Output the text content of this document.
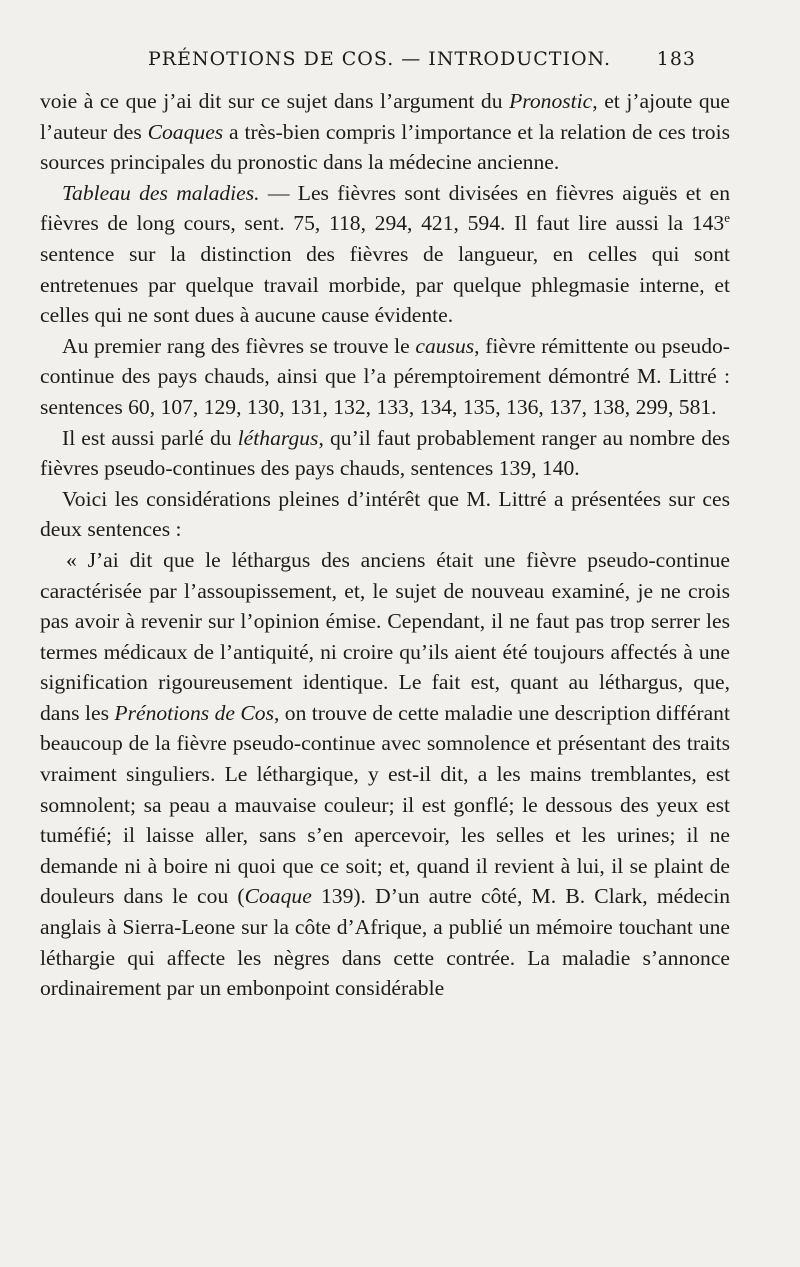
PRÉNOTIONS DE COS. — INTRODUCTION. 183

voie à ce que j’ai dit sur ce sujet dans l’argument du Pronostic, et j’ajoute que l’auteur des Coaques a très-bien compris l’importance et la relation de ces trois sources principales du pronostic dans la médecine ancienne.

Tableau des maladies. — Les fièvres sont divisées en fièvres aiguës et en fièvres de long cours, sent. 75, 118, 294, 421, 594. Il faut lire aussi la 143e sentence sur la distinction des fièvres de langueur, en celles qui sont entretenues par quelque travail morbide, par quelque phlegmasie interne, et celles qui ne sont dues à aucune cause évidente.

Au premier rang des fièvres se trouve le causus, fièvre rémittente ou pseudo-continue des pays chauds, ainsi que l’a péremptoirement démontré M. Littré : sentences 60, 107, 129, 130, 131, 132, 133, 134, 135, 136, 137, 138, 299, 581.

Il est aussi parlé du léthargus, qu’il faut probablement ranger au nombre des fièvres pseudo-continues des pays chauds, sentences 139, 140.

Voici les considérations pleines d’intérêt que M. Littré a présentées sur ces deux sentences :

« J’ai dit que le léthargus des anciens était une fièvre pseudo-continue caractérisée par l’assoupissement, et, le sujet de nouveau examiné, je ne crois pas avoir à revenir sur l’opinion émise. Cependant, il ne faut pas trop serrer les termes médicaux de l’antiquité, ni croire qu’ils aient été toujours affectés à une signification rigoureusement identique. Le fait est, quant au léthargus, que, dans les Prénotions de Cos, on trouve de cette maladie une description différant beaucoup de la fièvre pseudo-continue avec somnolence et présentant des traits vraiment singuliers. Le léthargique, y est-il dit, a les mains tremblantes, est somnolent; sa peau a mauvaise couleur; il est gonflé; le dessous des yeux est tuméfié; il laisse aller, sans s’en apercevoir, les selles et les urines; il ne demande ni à boire ni quoi que ce soit; et, quand il revient à lui, il se plaint de douleurs dans le cou (Coaque 139). D’un autre côté, M. B. Clark, médecin anglais à Sierra-Leone sur la côte d’Afrique, a publié un mémoire touchant une léthargie qui affecte les nègres dans cette contrée. La maladie s’annonce ordinairement par un embonpoint considérable
